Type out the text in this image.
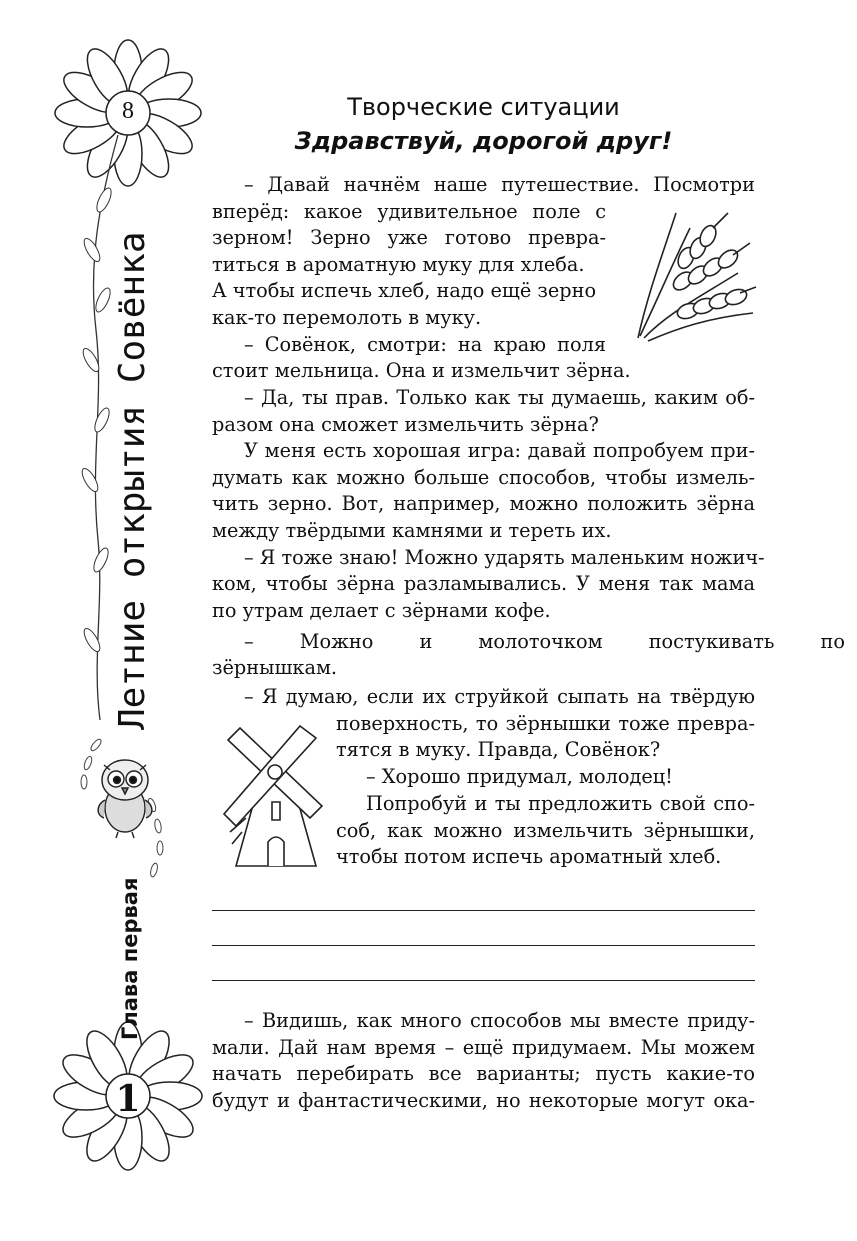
8
1
Летние открытия Совёнка
Глава первая
Творческие ситуации
Здравствуй, дорогой друг!
– Давай начнём наше путешествие. Посмотри
вперёд: какое удивительное поле с
зерном! Зерно уже готово превра-
титься в ароматную муку для хлеба.
А чтобы испечь хлеб, надо ещё зерно
как-то перемолоть в муку.
– Совёнок, смотри: на краю поля
стоит мельница. Она и измельчит зёрна.
– Да, ты прав. Только как ты думаешь, каким об-
разом она сможет измельчить зёрна?
У меня есть хорошая игра: давай попробуем при-
думать как можно больше способов, чтобы измель-
чить зерно. Вот, например, можно положить зёрна
между твёрдыми камнями и тереть их.
– Я тоже знаю! Можно ударять маленьким ножич-
ком, чтобы зёрна разламывались. У меня так мама
по утрам делает с зёрнами кофе.
– Можно и молоточком постукивать по
зёрнышкам.
– Я думаю, если их струйкой сыпать на твёрдую
поверхность, то зёрнышки тоже превра-
тятся в муку. Правда, Совёнок?
– Хорошо придумал, молодец!
Попробуй и ты предложить свой спо-
соб, как можно измельчить зёрнышки,
чтобы потом испечь ароматный хлеб.
– Видишь, как много способов мы вместе приду-
мали. Дай нам время – ещё придумаем. Мы можем
начать перебирать все варианты; пусть какие-то
будут и фантастическими, но некоторые могут ока-
